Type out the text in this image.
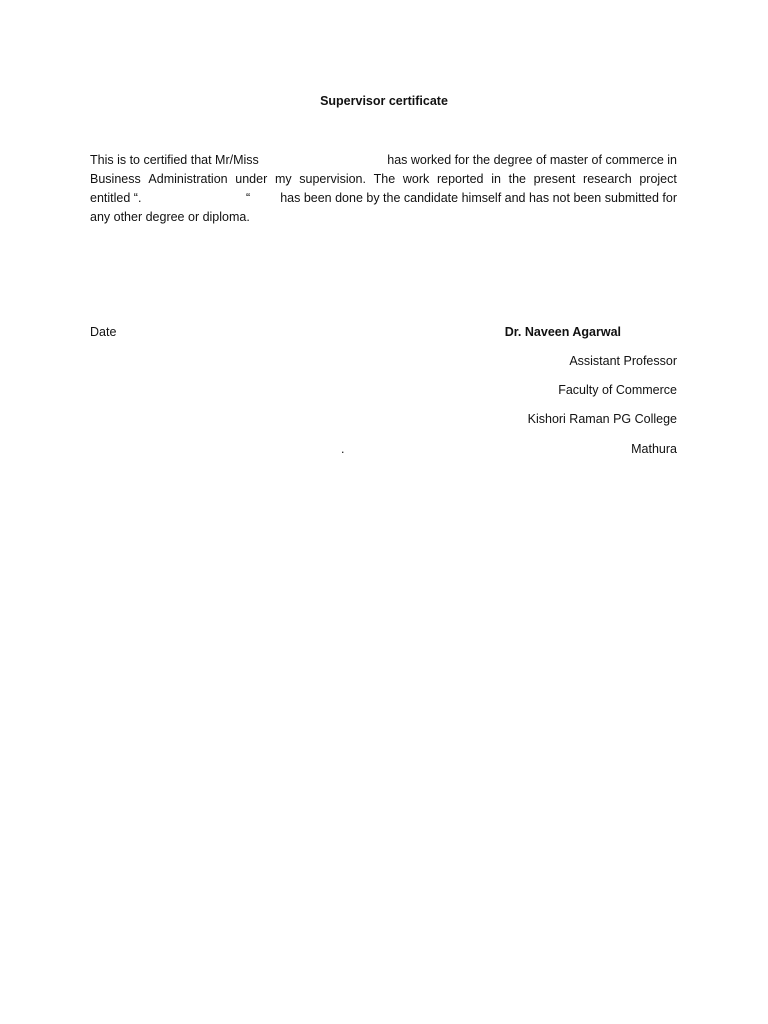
Supervisor certificate
This is to certified that Mr/Miss	has worked for the degree of master of commerce in
Business Administration under my supervision. The work reported in the present research project
entitled “.	“ has been done by the candidate himself and has not been submitted for
any other degree or diploma.
Date	Dr. Naveen Agarwal
Assistant Professor
Faculty of Commerce
Kishori Raman PG College
.	Mathura
